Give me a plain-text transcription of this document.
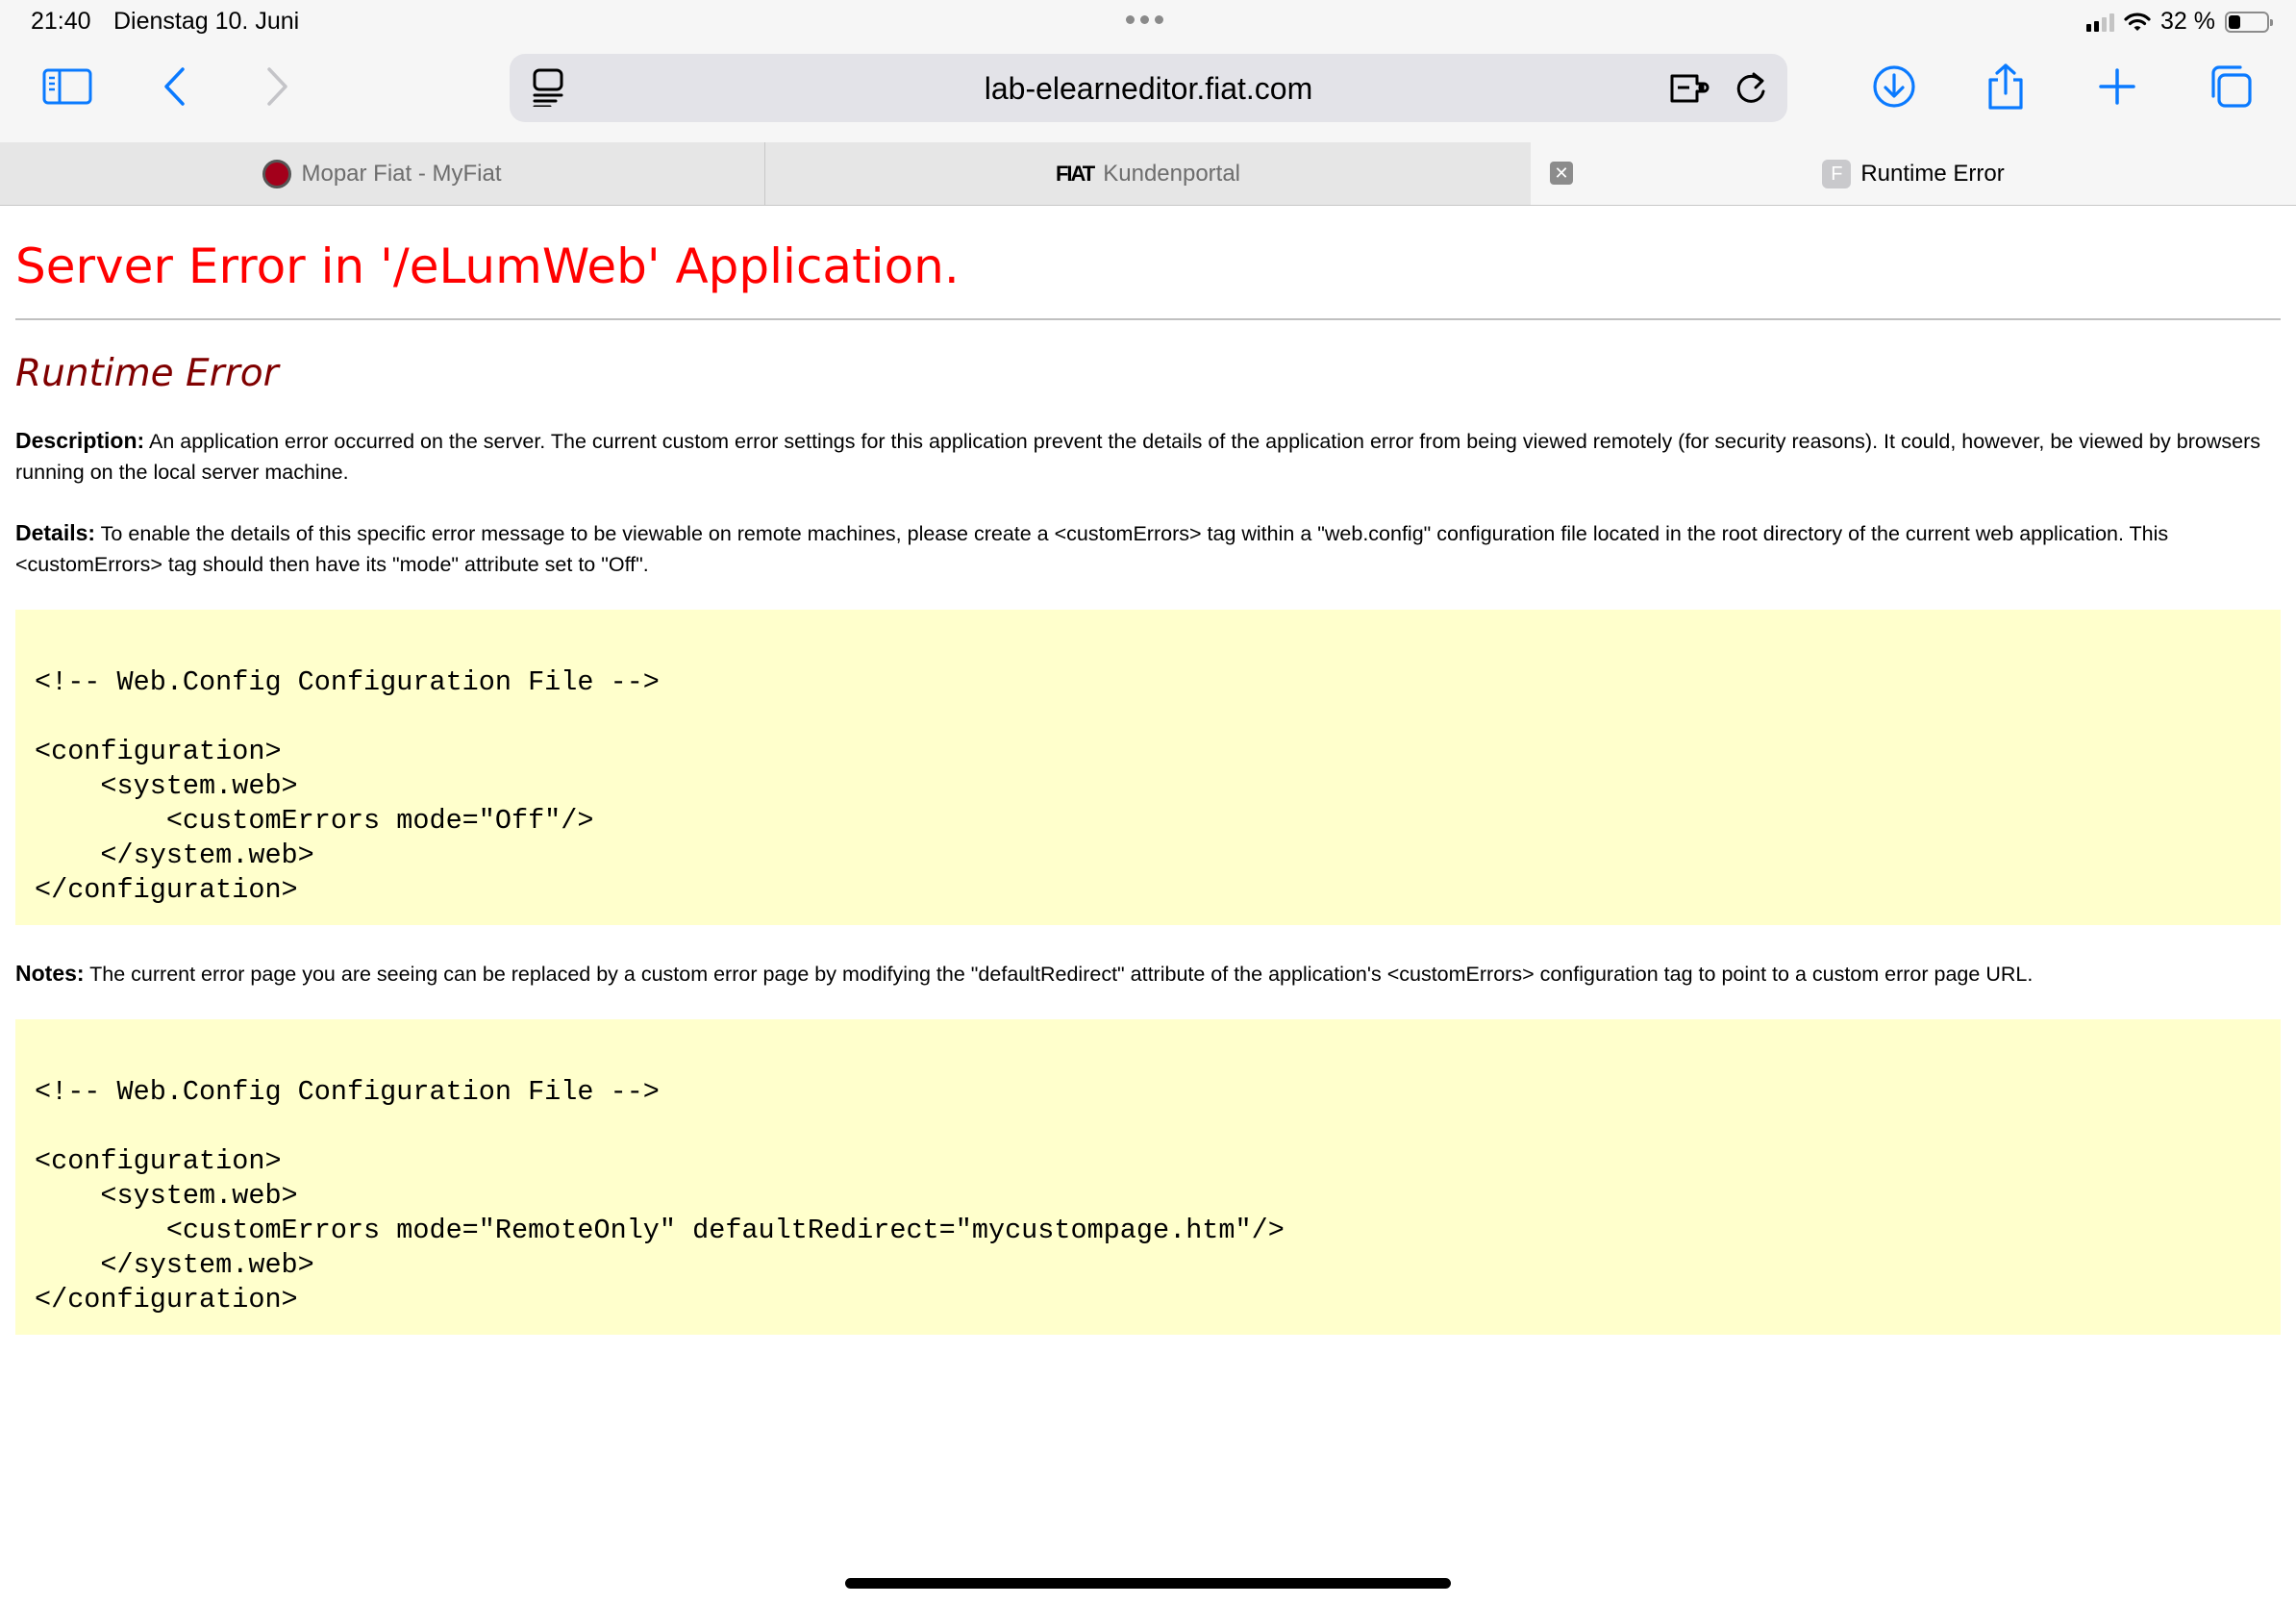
21:40 Dienstag 10. Juni	32 %
lab-elearneditor.fiat.com
Mopar Fiat - MyFiat	FIAT Kundenportal	✕	F Runtime Error
Server Error in '/eLumWeb' Application.
Runtime Error
Description: An application error occurred on the server. The current custom error settings for this application prevent the details of the application error from being viewed remotely (for security reasons). It could, however, be viewed by browsers running on the local server machine.
Details: To enable the details of this specific error message to be viewable on remote machines, please create a <customErrors> tag within a "web.config" configuration file located in the root directory of the current web application. This <customErrors> tag should then have its "mode" attribute set to "Off".
<!-- Web.Config Configuration File -->

<configuration>
<system.web>
<customErrors mode="Off"/>
</system.web>
</configuration>
Notes: The current error page you are seeing can be replaced by a custom error page by modifying the "defaultRedirect" attribute of the application's <customErrors> configuration tag to point to a custom error page URL.
<!-- Web.Config Configuration File -->

<configuration>
<system.web>
<customErrors mode="RemoteOnly" defaultRedirect="mycustompage.htm"/>
</system.web>
</configuration>
